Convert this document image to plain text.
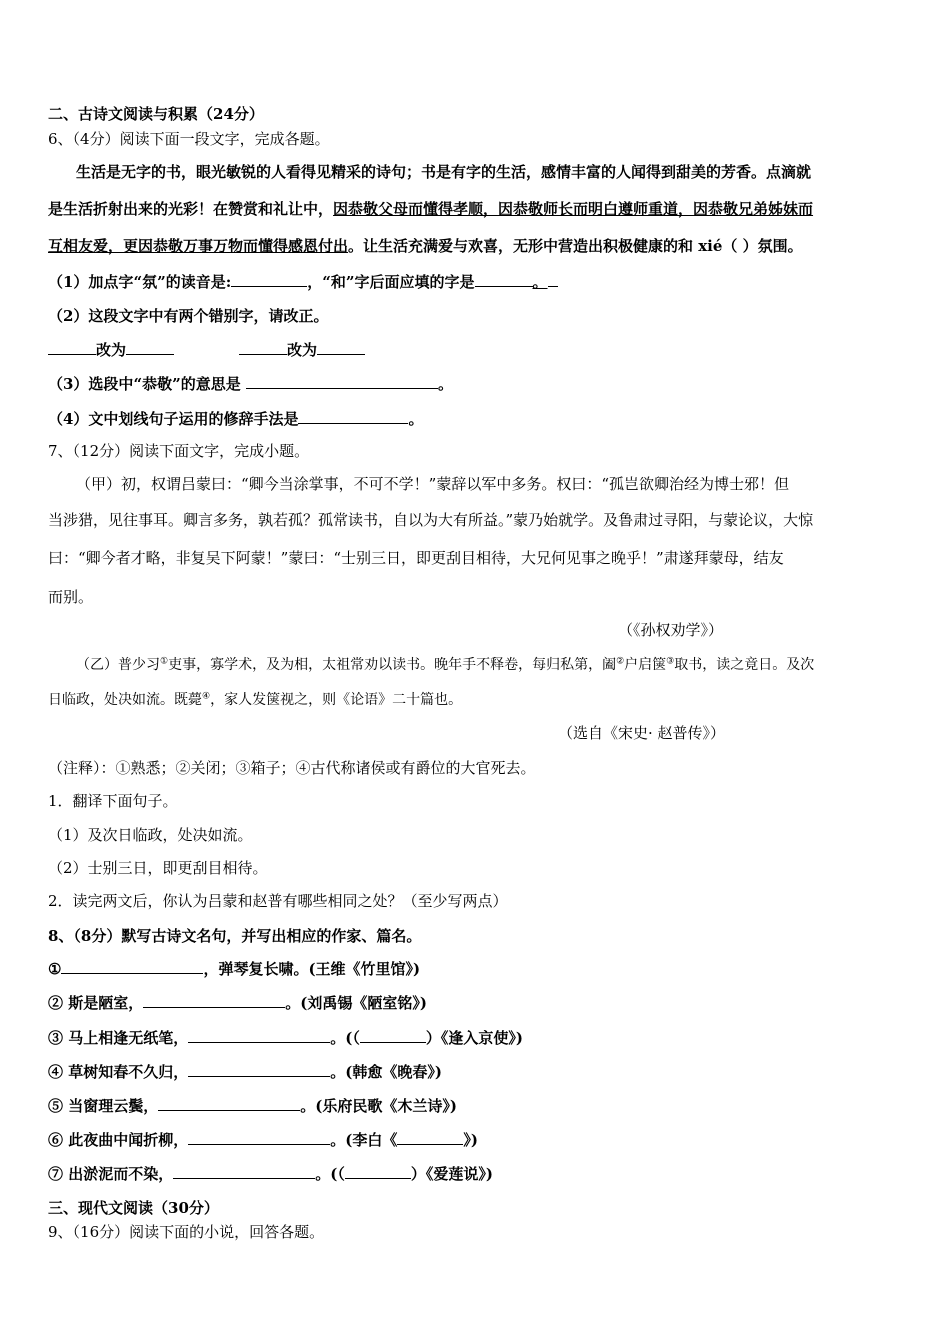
二、古诗文阅读与积累（24分）
6、（4分）阅读下面一段文字，完成各题。
生活是无字的书，眼光敏锐的人看得见精采的诗句；书是有字的生活，感情丰富的人闻得到甜美的芳香。点滴就
是生活折射出来的光彩！在赞赏和礼让中，因恭敬父母而懂得孝顺，因恭敬师长而明白遵师重道，因恭敬兄弟姊妹而
互相友爱，更因恭敬万事万物而懂得感恩付出。让生活充满爱与欢喜，无形中营造出积极健康的和 xié（ ）氛围。
（1）加点字“氛”的读音是:	，“和”字后面应填的字是	。
（2）这段文字中有两个错别字，请改正。
改为	改为
（3）选段中“恭敬”的意思是	。
（4）文中划线句子运用的修辞手法是	。
7、（12分）阅读下面文字，完成小题。
（甲）初，权谓吕蒙曰：“卿今当涂掌事，不可不学！”蒙辞以军中多务。权曰：“孤岂欲卿治经为博士邪！但
当涉猎，见往事耳。卿言多务，孰若孤？孤常读书，自以为大有所益。”蒙乃始就学。及鲁肃过寻阳，与蒙论议，大惊
曰：“卿今者才略，非复吴下阿蒙！”蒙曰：“士别三日，即更刮目相待，大兄何见事之晚乎！”肃遂拜蒙母，结友
而别。
（《孙权劝学》）
（乙）普少习①吏事，寡学术，及为相，太祖常劝以读书。晚年手不释卷，每归私第，阖②户启箧③取书，读之竟日。及次
日临政，处决如流。既薨④，家人发箧视之，则《论语》二十篇也。
（选自《宋史· 赵普传》）
（注释）：①熟悉；②关闭；③箱子；④古代称诸侯或有爵位的大官死去。
1．翻译下面句子。
（1）及次日临政，处决如流。
（2）士别三日，即更刮目相待。
2．读完两文后，你认为吕蒙和赵普有哪些相同之处？（至少写两点）
8、（8分）默写古诗文名句，并写出相应的作家、篇名。
①	，弹琴复长啸。(王维《竹里馆》)
② 斯是陋室，	。(刘禹锡《陋室铭》)
③ 马上相逢无纸笔，	。(（	）《逢入京使》)
④ 草树知春不久归，	。(韩愈《晚春》)
⑤ 当窗理云鬓，	。(乐府民歌《木兰诗》)
⑥ 此夜曲中闻折柳，	。(李白《	》)
⑦ 出淤泥而不染，	。(（	）《爱莲说》)
三、现代文阅读（30分）
9、（16分）阅读下面的小说，回答各题。
